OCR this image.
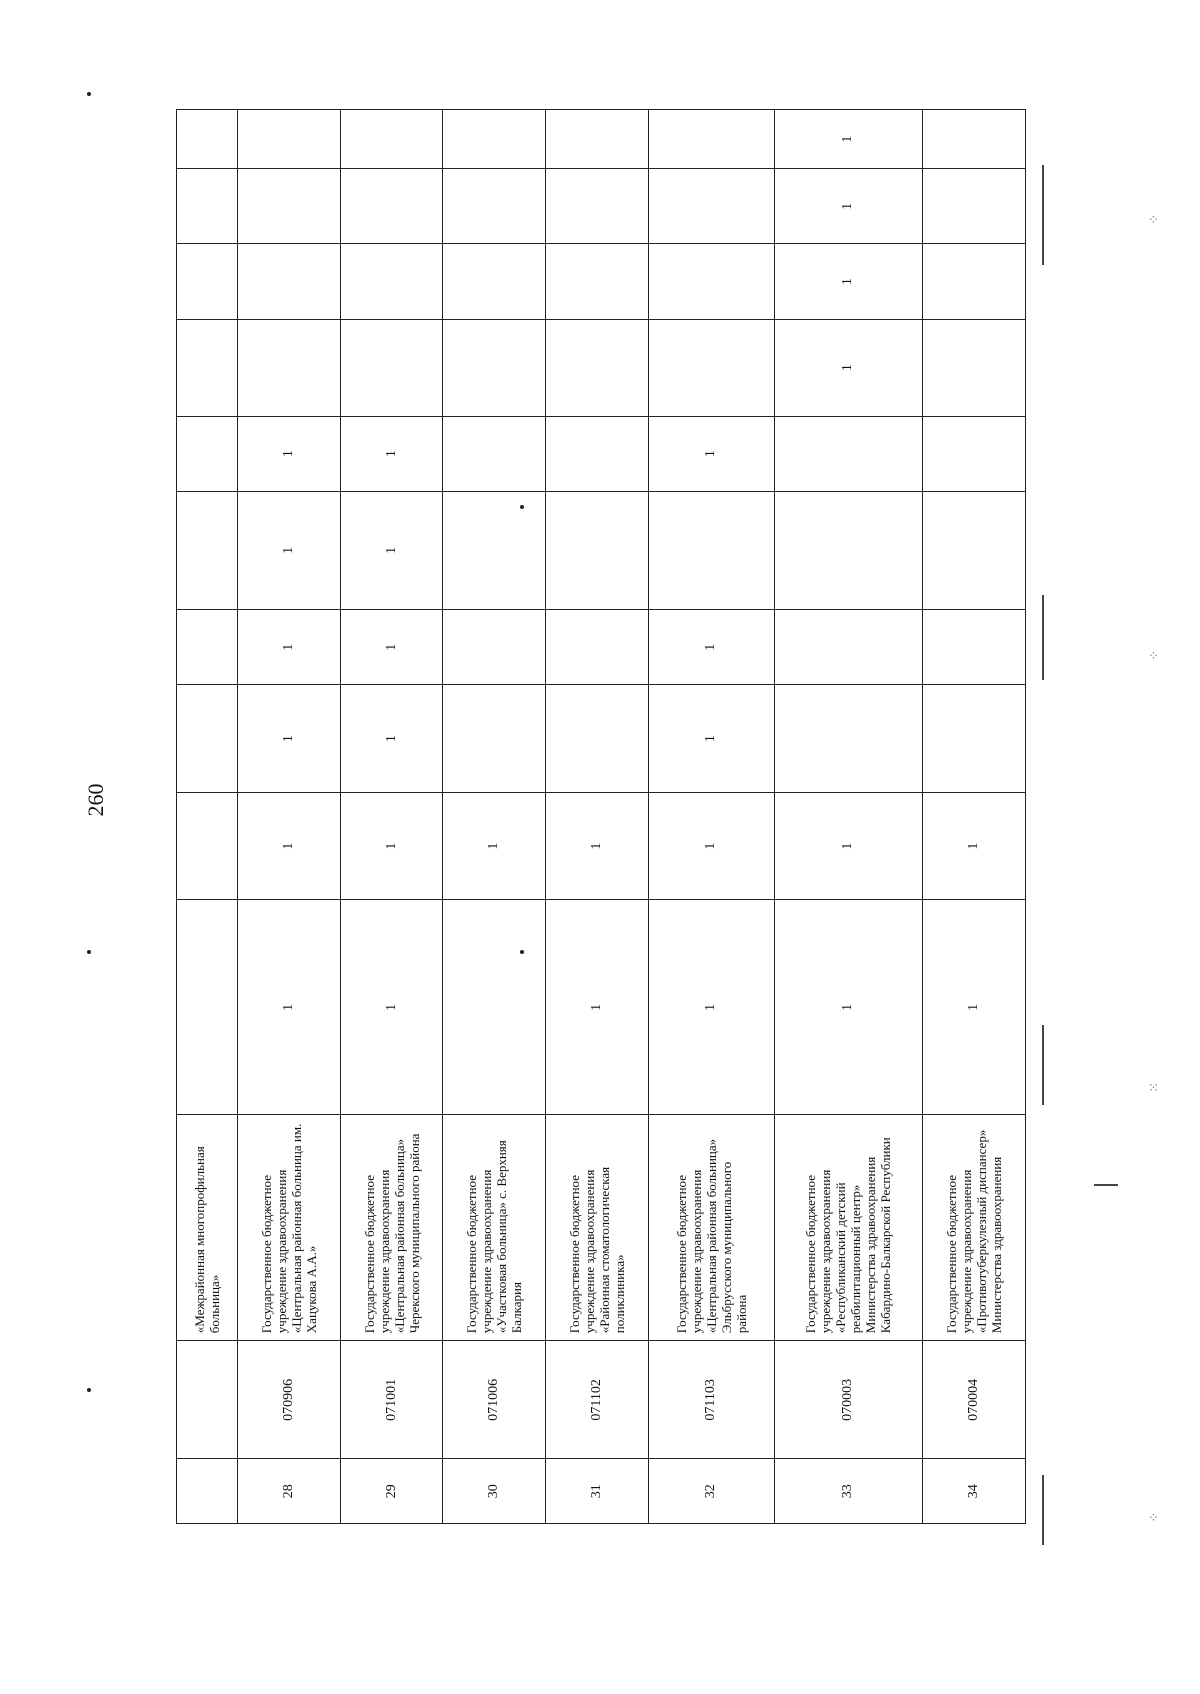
260
⁘
⁘
⁙
⁘
		«Межрайонная многопрофильная больница»										
28	070906	Государственное бюджетное учреждение здравоохранения «Центральная районная больница им. Хацукова А.А.»	1	1	1	1	1	1				
29	071001	Государственное бюджетное учреждение здравоохранения «Центральная районная больница» Черекского муниципального района	1	1	1	1	1	1				
30	071006	Государственное бюджетное учреждение здравоохранения «Участковая больница» с. Верхняя Балкария		1								
31	071102	Государственное бюджетное учреждение здравоохранения «Районная стоматологическая поликлиника»	1	1								
32	071103	Государственное бюджетное учреждение здравоохранения «Центральная районная больница» Эльбрусского муниципального района	1	1	1	1		1				
33	070003	Государственное бюджетное учреждение здравоохранения «Республиканский детский реабилитационный центр» Министерства здравоохранения Кабардино-Балкарской Республики	1	1					1	1	1	1
34	070004	Государственное бюджетное учреждение здравоохранения «Противотуберкулезный диспансер» Министерства здравоохранения	1	1								
